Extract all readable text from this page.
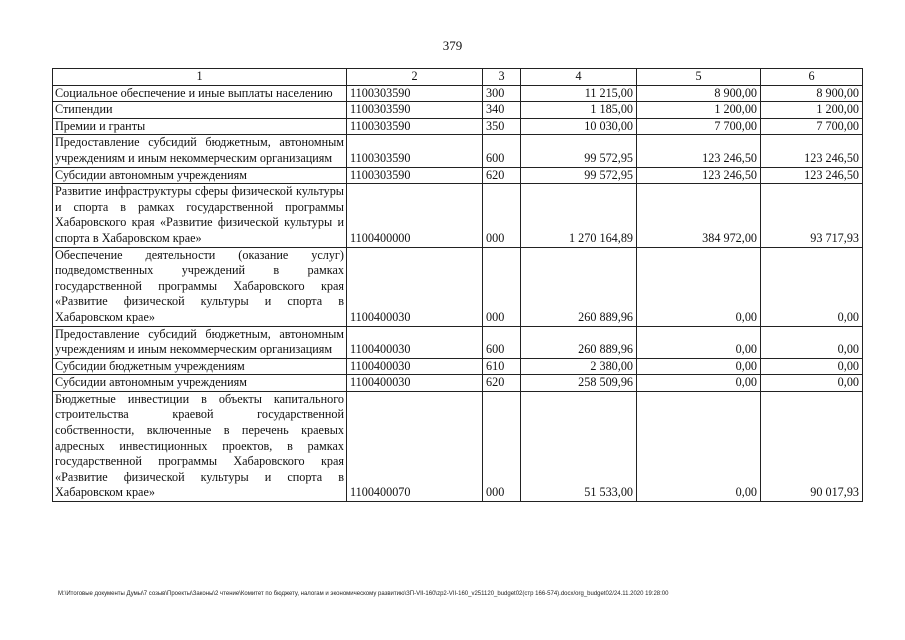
379
1	2	3	4	5	6
Социальное обеспечение и иные выплаты населению	1100303590	300	11 215,00	8 900,00	8 900,00
Стипендии	1100303590	340	1 185,00	1 200,00	1 200,00
Премии и гранты	1100303590	350	10 030,00	7 700,00	7 700,00
Предоставление субсидий бюджетным, автономным учреждениям и иным некоммерческим организациям	1100303590	600	99 572,95	123 246,50	123 246,50
Субсидии автономным учреждениям	1100303590	620	99 572,95	123 246,50	123 246,50
Развитие инфраструктуры сферы физической культуры и спорта в рамках государственной программы Хабаровского края «Развитие физической культуры и спорта в Хабаровском крае»	1100400000	000	1 270 164,89	384 972,00	93 717,93
Обеспечение деятельности (оказание услуг) подведомственных учреждений в рамках государственной программы Хабаровского края «Развитие физической культуры и спорта в Хабаровском крае»	1100400030	000	260 889,96	0,00	0,00
Предоставление субсидий бюджетным, автономным учреждениям и иным некоммерческим организациям	1100400030	600	260 889,96	0,00	0,00
Субсидии бюджетным учреждениям	1100400030	610	2 380,00	0,00	0,00
Субсидии автономным учреждениям	1100400030	620	258 509,96	0,00	0,00
Бюджетные инвестиции в объекты капитального строительства краевой государственной собственности, включенные в перечень краевых адресных инвестиционных проектов, в рамках государственной программы Хабаровского края «Развитие физической культуры и спорта в Хабаровском крае»	1100400070	000	51 533,00	0,00	90 017,93
M:\Итоговые документы Думы\7 созыв\Проекты\Законы\2 чтение\Комитет по бюджету, налогам и экономическому развитию\ЗП-VII-160\zp2-VII-160_v251120_budget02(стр 166-574).docx/org_budget02/24.11.2020 19:28:00
